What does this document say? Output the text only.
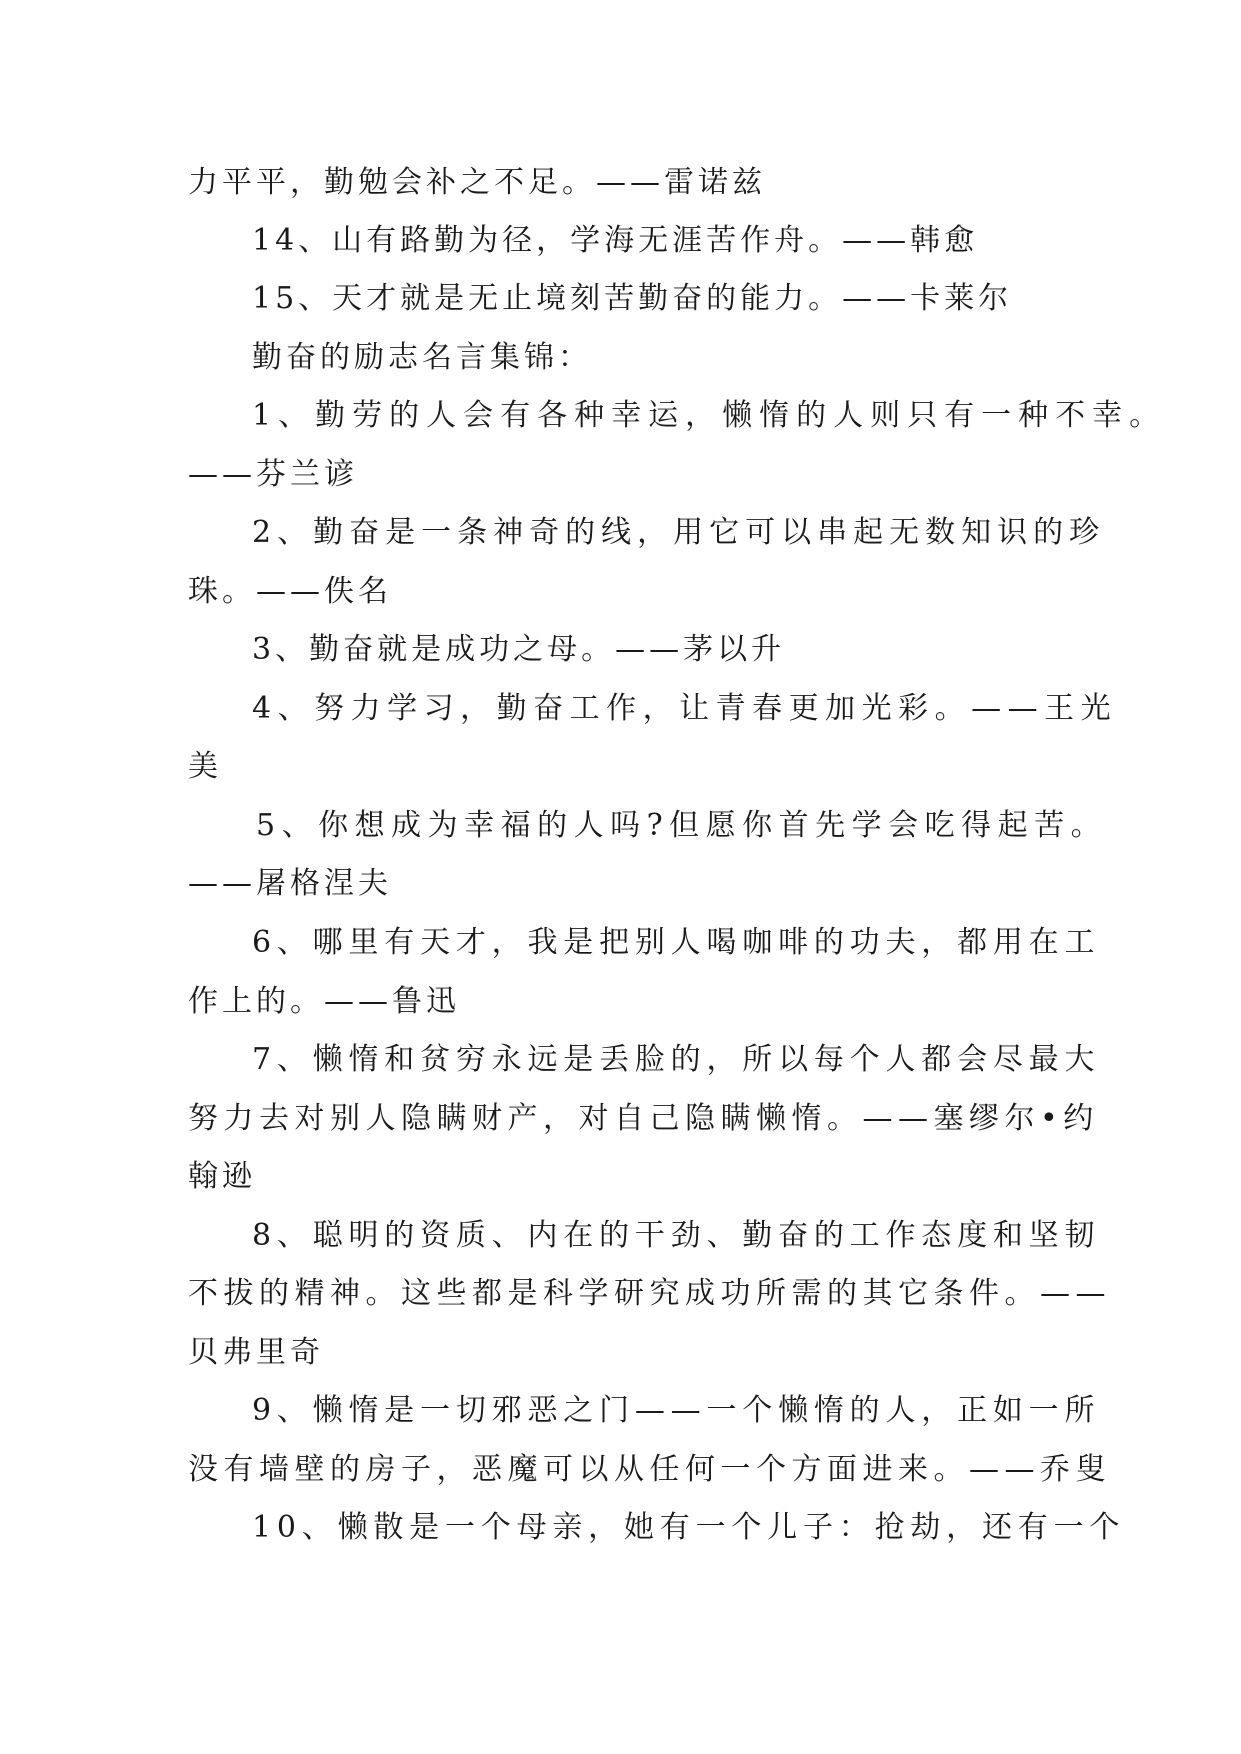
力平平，勤勉会补之不足。——雷诺兹
14、山有路勤为径，学海无涯苦作舟。——韩愈
15、天才就是无止境刻苦勤奋的能力。——卡莱尔
勤奋的励志名言集锦：
1、勤劳的人会有各种幸运，懒惰的人则只有一种不幸。
——芬兰谚
2、勤奋是一条神奇的线，用它可以串起无数知识的珍
珠。——佚名
3、勤奋就是成功之母。——茅以升
4、努力学习，勤奋工作，让青春更加光彩。——王光
美
5、你想成为幸福的人吗?但愿你首先学会吃得起苦。
——屠格涅夫
6、哪里有天才，我是把别人喝咖啡的功夫，都用在工
作上的。——鲁迅
7、懒惰和贫穷永远是丢脸的，所以每个人都会尽最大
努力去对别人隐瞒财产，对自己隐瞒懒惰。——塞缪尔•约
翰逊
8、聪明的资质、内在的干劲、勤奋的工作态度和坚韧
不拔的精神。这些都是科学研究成功所需的其它条件。——
贝弗里奇
9、懒惰是一切邪恶之门——一个懒惰的人，正如一所
没有墙壁的房子，恶魔可以从任何一个方面进来。——乔叟
10、懒散是一个母亲，她有一个儿子：抢劫，还有一个
